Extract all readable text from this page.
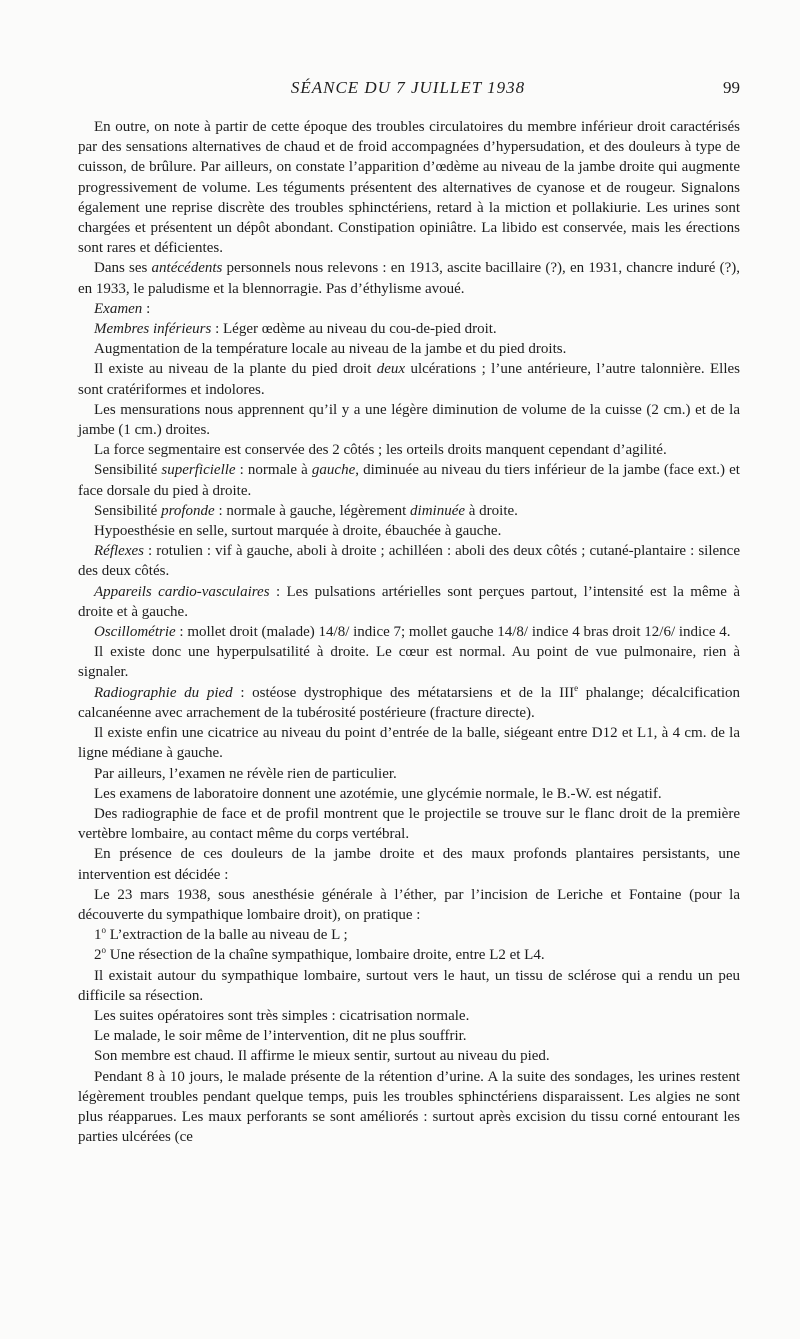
SÉANCE DU 7 JUILLET 1938	99

En outre, on note à partir de cette époque des troubles circulatoires du membre inférieur droit caractérisés par des sensations alternatives de chaud et de froid accompagnées d’hypersudation, et des douleurs à type de cuisson, de brûlure. Par ailleurs, on constate l’apparition d’œdème au niveau de la jambe droite qui augmente progressivement de volume. Les téguments présentent des alternatives de cyanose et de rougeur. Signalons également une reprise discrète des troubles sphinctériens, retard à la miction et pollakiurie. Les urines sont chargées et présentent un dépôt abondant. Constipation opiniâtre. La libido est conservée, mais les érections sont rares et déficientes.

Dans ses antécédents personnels nous relevons : en 1913, ascite bacillaire (?), en 1931, chancre induré (?), en 1933, le paludisme et la blennorragie. Pas d’éthylisme avoué.

Examen :

Membres inférieurs : Léger œdème au niveau du cou-de-pied droit.

Augmentation de la température locale au niveau de la jambe et du pied droits.

Il existe au niveau de la plante du pied droit deux ulcérations ; l’une antérieure, l’autre talonnière. Elles sont cratériformes et indolores.

Les mensurations nous apprennent qu’il y a une légère diminution de volume de la cuisse (2 cm.) et de la jambe (1 cm.) droites.

La force segmentaire est conservée des 2 côtés ; les orteils droits manquent cependant d’agilité.

Sensibilité superficielle : normale à gauche, diminuée au niveau du tiers inférieur de la jambe (face ext.) et face dorsale du pied à droite.

Sensibilité profonde : normale à gauche, légèrement diminuée à droite.

Hypoesthésie en selle, surtout marquée à droite, ébauchée à gauche.

Réflexes : rotulien : vif à gauche, aboli à droite ; achilléen : aboli des deux côtés ; cutané-plantaire : silence des deux côtés.

Appareils cardio-vasculaires : Les pulsations artérielles sont perçues partout, l’intensité est la même à droite et à gauche.

Oscillométrie : mollet droit (malade) 14/8/ indice 7; mollet gauche 14/8/ indice 4 bras droit 12/6/ indice 4.

Il existe donc une hyperpulsatilité à droite. Le cœur est normal. Au point de vue pulmonaire, rien à signaler.

Radiographie du pied : ostéose dystrophique des métatarsiens et de la IIIe phalange; décalcification calcanéenne avec arrachement de la tubérosité postérieure (fracture directe).

Il existe enfin une cicatrice au niveau du point d’entrée de la balle, siégeant entre D12 et L1, à 4 cm. de la ligne médiane à gauche.

Par ailleurs, l’examen ne révèle rien de particulier.

Les examens de laboratoire donnent une azotémie, une glycémie normale, le B.-W. est négatif.

Des radiographie de face et de profil montrent que le projectile se trouve sur le flanc droit de la première vertèbre lombaire, au contact même du corps vertébral.

En présence de ces douleurs de la jambe droite et des maux profonds plantaires persistants, une intervention est décidée :

Le 23 mars 1938, sous anesthésie générale à l’éther, par l’incision de Leriche et Fontaine (pour la découverte du sympathique lombaire droit), on pratique :

1$^o$ L’extraction de la balle au niveau de L ;

2$^o$ Une résection de la chaîne sympathique, lombaire droite, entre L2 et L4.

Il existait autour du sympathique lombaire, surtout vers le haut, un tissu de sclérose qui a rendu un peu difficile sa résection.

Les suites opératoires sont très simples : cicatrisation normale.

Le malade, le soir même de l’intervention, dit ne plus souffrir.

Son membre est chaud. Il affirme le mieux sentir, surtout au niveau du pied.

Pendant 8 à 10 jours, le malade présente de la rétention d’urine. A la suite des sondages, les urines restent légèrement troubles pendant quelque temps, puis les troubles sphinctériens disparaissent. Les algies ne sont plus réapparues. Les maux perforants se sont améliorés : surtout après excision du tissu corné entourant les parties ulcérées (ce
